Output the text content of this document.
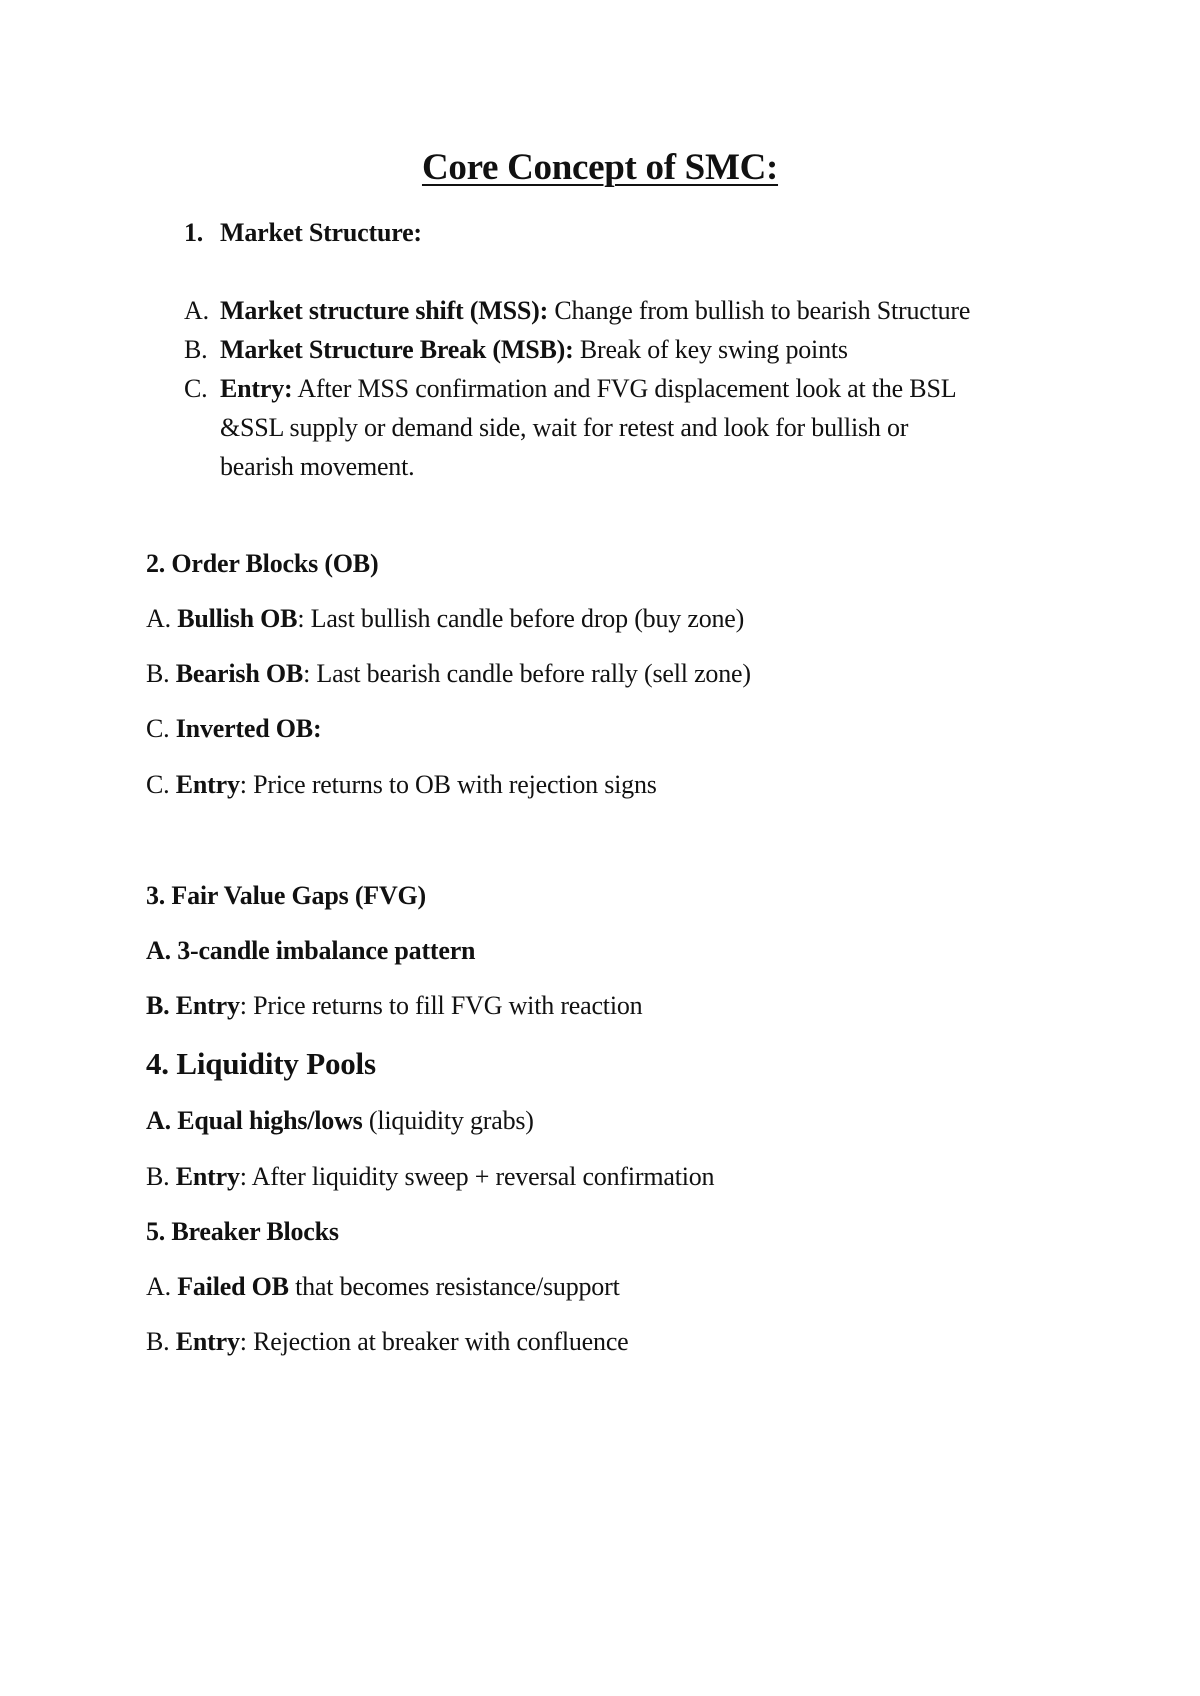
Core Concept of SMC:
1. Market Structure:
A. Market structure shift (MSS): Change from bullish to bearish Structure
B. Market Structure Break (MSB): Break of key swing points
C. Entry: After MSS confirmation and FVG displacement look at the BSL
&SSL supply or demand side, wait for retest and look for bullish or
bearish movement.
2. Order Blocks (OB)
A. Bullish OB: Last bullish candle before drop (buy zone)
B. Bearish OB: Last bearish candle before rally (sell zone)
C. Inverted OB:
C. Entry: Price returns to OB with rejection signs
3. Fair Value Gaps (FVG)
A. 3-candle imbalance pattern
B. Entry: Price returns to fill FVG with reaction
4. Liquidity Pools
A. Equal highs/lows (liquidity grabs)
B. Entry: After liquidity sweep + reversal confirmation
5. Breaker Blocks
A. Failed OB that becomes resistance/support
B. Entry: Rejection at breaker with confluence
